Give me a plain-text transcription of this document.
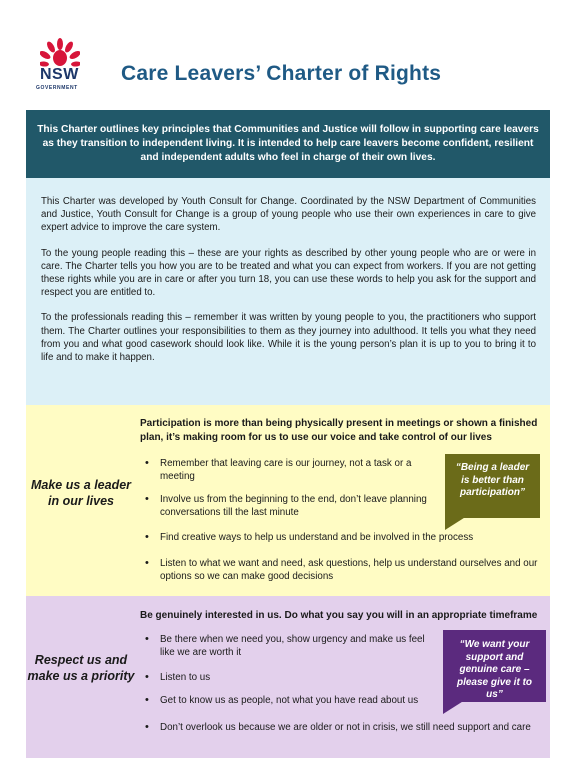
NSW
GOVERNMENT
Care Leavers’ Charter of Rights
This Charter outlines key principles that Communities and Justice will follow in supporting care leavers as they transition to independent living. It is intended to help care leavers become confident, resilient and independent adults who feel in charge of their own lives.

This Charter was developed by Youth Consult for Change. Coordinated by the NSW Department of Communities and Justice, Youth Consult for Change is a group of young people who use their own experiences in care to give expert advice to improve the care system.

To the young people reading this – these are your rights as described by other young people who are or were in care. The Charter tells you how you are to be treated and what you can expect from workers. If you are not getting these rights while you are in care or after you turn 18, you can use these words to help you ask for the support and respect you are entitled to.

To the professionals reading this – remember it was written by young people to you, the practitioners who support them. The Charter outlines your responsibilities to them as they journey into adulthood. It tells you what they need from you and what good casework should look like. While it is the young person’s plan it is up to you to bring it to life and to make it happen.

Make us a leader in our lives
Participation is more than being physically present in meetings or shown a finished plan, it’s making room for us to use our voice and take control of our lives
• Remember that leaving care is our journey, not a task or a meeting
• Involve us from the beginning to the end, don’t leave planning conversations till the last minute
• Find creative ways to help us understand and be involved in the process
• Listen to what we want and need, ask questions, help us understand ourselves and our options so we can make good decisions
“Being a leader is better than participation”
Respect us and make us a priority
Be genuinely interested in us. Do what you say you will in an appropriate timeframe
• Be there when we need you, show urgency and make us feel like we are worth it
• Listen to us
• Get to know us as people, not what you have read about us
• Don’t overlook us because we are older or not in crisis, we still need support and care
“We want your support and genuine care – please give it to us”
